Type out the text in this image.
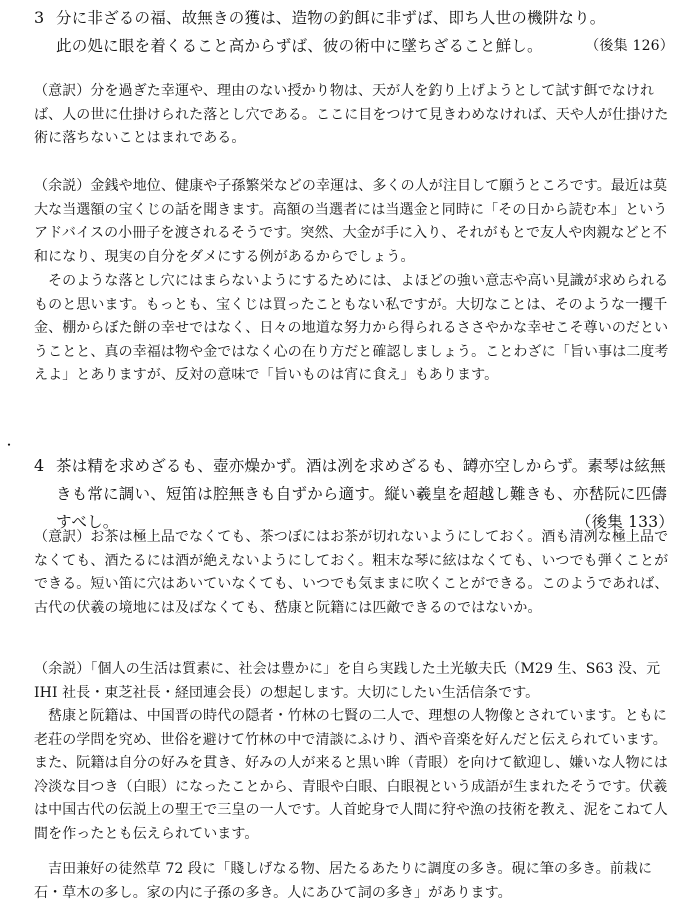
3 分に非ざるの福、故無きの獲は、造物の釣餌に非ずば、即ち人世の機阱なり。
此の処に眼を着くること高からずば、彼の術中に墜ちざること鮮し。	（後集 126）

（意訳）分を過ぎた幸運や、理由のない授かり物は、天が人を釣り上げようとして試す餌でなければ、人の世に仕掛けられた落とし穴である。ここに目をつけて見きわめなければ、天や人が仕掛けた術に落ちないことはまれである。

（余説）金銭や地位、健康や子孫繁栄などの幸運は、多くの人が注目して願うところです。最近は莫大な当選額の宝くじの話を聞きます。高額の当選者には当選金と同時に「その日から読む本」というアドバイスの小冊子を渡されるそうです。突然、大金が手に入り、それがもとで友人や肉親などと不和になり、現実の自分をダメにする例があるからでしょう。

そのような落とし穴にはまらないようにするためには、よほどの強い意志や高い見識が求められるものと思います。もっとも、宝くじは買ったこともない私ですが。大切なことは、そのような一攫千金、棚からぼた餅の幸せではなく、日々の地道な努力から得られるささやかな幸せこそ尊いのだということと、真の幸福は物や金ではなく心の在り方だと確認しましょう。ことわざに「旨い事は二度考えよ」とありますが、反対の意味で「旨いものは宵に食え」もあります。

・
4 茶は精を求めざるも、壺亦燥かず。酒は冽を求めざるも、罇亦空しからず。素琴は絃無きも常に調い、短笛は腔無きも自ずから適す。縦い羲皇を超越し難きも、亦嵆阮に匹儔すべし。	（後集 133）

（意訳）お茶は極上品でなくても、茶つぼにはお茶が切れないようにしておく。酒も清冽な極上品でなくても、酒たるには酒が絶えないようにしておく。粗末な琴に絃はなくても、いつでも弾くことができる。短い笛に穴はあいていなくても、いつでも気ままに吹くことができる。このようであれば、古代の伏羲の境地には及ばなくても、嵆康と阮籍には匹敵できるのではないか。

（余説）「個人の生活は質素に、社会は豊かに」を自ら実践した土光敏夫氏（M29 生、S63 没、元 IHI 社長・東芝社長・経団連会長）の想起します。大切にしたい生活信条です。

嵆康と阮籍は、中国晋の時代の隠者・竹林の七賢の二人で、理想の人物像とされています。ともに老荘の学問を究め、世俗を避けて竹林の中で清談にふけり、酒や音楽を好んだと伝えられています。また、阮籍は自分の好みを貫き、好みの人が来ると黒い眸（青眼）を向けて歓迎し、嫌いな人物には冷淡な目つき（白眼）になったことから、青眼や白眼、白眼視という成語が生まれたそうです。伏羲は中国古代の伝説上の聖王で三皇の一人です。人首蛇身で人間に狩や漁の技術を教え、泥をこねて人間を作ったとも伝えられています。

吉田兼好の徒然草 72 段に「賤しげなる物、居たるあたりに調度の多き。硯に筆の多き。前栽に石・草木の多し。家の内に子孫の多き。人にあひて詞の多き」があります。
